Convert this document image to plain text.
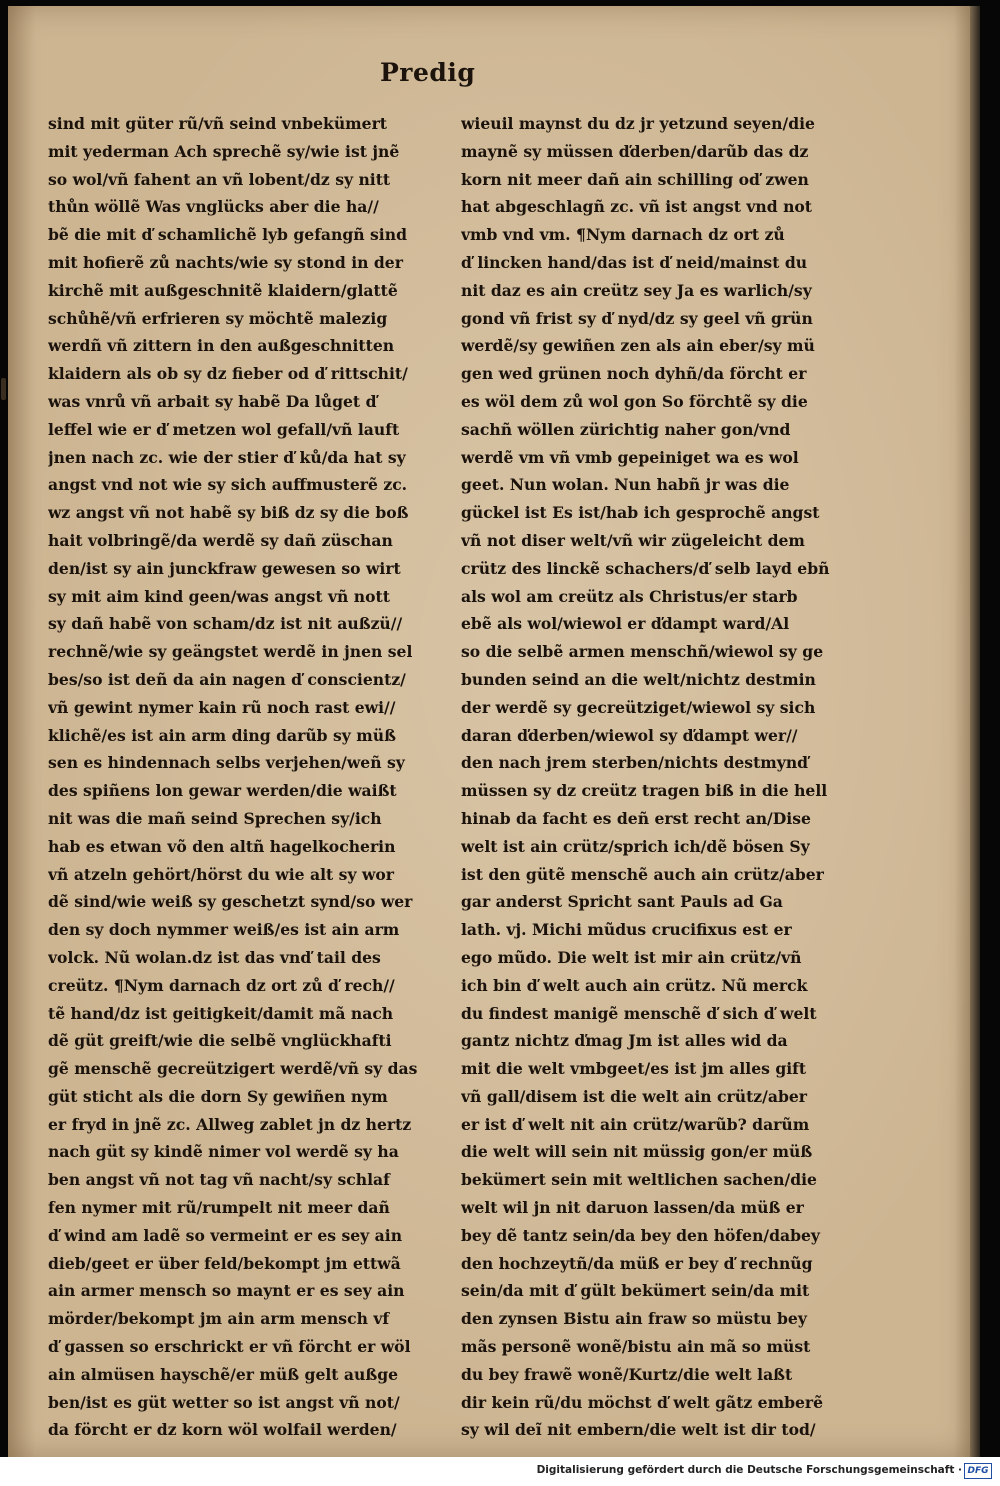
Predig
sind mit güter rũ/vñ seind vnbekümert
mit yederman Ach sprechẽ sy/wie ist jnẽ
so wol/vñ fahent an vñ lobent/dz sy nitt
thůn wöllẽ Was vnglücks aber die ha//
bẽ die mit ď schamlichẽ lyb gefangñ sind
mit hofierẽ zů nachts/wie sy stond in der
kirchẽ mit außgeschnitẽ klaidern/glattẽ
schůhẽ/vñ erfrieren sy möchtẽ malezig
werdñ vñ zittern in den außgeschnitten
klaidern als ob sy dz fieber od ď rittschit/
was vnrů vñ arbait sy habẽ Da lůget ď
leffel wie er ď metzen wol gefall/vñ lauft
jnen nach zc. wie der stier ď ků/da hat sy
angst vnd not wie sy sich auffmusterẽ zc.
wz angst vñ not habẽ sy biß dz sy die boß
hait volbringẽ/da werdẽ sy dañ züschan
den/ist sy ain junckfraw gewesen so wirt
sy mit aim kind geen/was angst vñ nott
sy dañ habẽ von scham/dz ist nit außzü//
rechnẽ/wie sy geängstet werdẽ in jnen sel
bes/so ist deñ da ain nagen ď conscientz/
vñ gewint nymer kain rũ noch rast ewi//
klichẽ/es ist ain arm ding darũb sy müß
sen es hindennach selbs verjehen/weñ sy
des spiñens lon gewar werden/die waißt
nit was die mañ seind Sprechen sy/ich
hab es etwan võ den altñ hagelkocherin
vñ atzeln gehört/hörst du wie alt sy wor
dẽ sind/wie weiß sy geschetzt synd/so wer
den sy doch nymmer weiß/es ist ain arm
volck. Nũ wolan.dz ist das vnď tail des
creütz. ¶Nym darnach dz ort zů ď rech//
tẽ hand/dz ist geitigkeit/damit mã nach
dẽ güt greift/wie die selbẽ vnglückhafti
gẽ menschẽ gecreützigert werdẽ/vñ sy das
güt sticht als die dorn Sy gewiñen nym
er fryd in jnẽ zc. Allweg zablet jn dz hertz
nach güt sy kindẽ nimer vol werdẽ sy ha
ben angst vñ not tag vñ nacht/sy schlaf
fen nymer mit rũ/rumpelt nit meer dañ
ď wind am ladẽ so vermeint er es sey ain
dieb/geet er über feld/bekompt jm ettwã
ain armer mensch so maynt er es sey ain
mörder/bekompt jm ain arm mensch vf
ď gassen so erschrickt er vñ förcht er wöl
ain almüsen hayschẽ/er müß gelt außge
ben/ist es güt wetter so ist angst vñ not/
da förcht er dz korn wöl wolfail werden/
wieuil maynst du dz jr yetzund seyen/die
maynẽ sy müssen ďderben/darũb das dz
korn nit meer dañ ain schilling oď zwen
hat abgeschlagñ zc. vñ ist angst vnd not
vmb vnd vm. ¶Nym darnach dz ort zů
ď lincken hand/das ist ď neid/mainst du
nit daz es ain creütz sey Ja es warlich/sy
gond vñ frist sy ď nyd/dz sy geel vñ grün
werdẽ/sy gewiñen zen als ain eber/sy mü
gen wed grünen noch dyhñ/da förcht er
es wöl dem zů wol gon So förchtẽ sy die
sachñ wöllen zürichtig naher gon/vnd
werdẽ vm vñ vmb gepeiniget wa es wol
geet. Nun wolan. Nun habñ jr was die
gückel ist Es ist/hab ich gesprochẽ angst
vñ not diser welt/vñ wir zügeleicht dem
crütz des linckẽ schachers/ď selb layd ebñ
als wol am creütz als Christus/er starb
ebẽ als wol/wiewol er ďdampt ward/Al
so die selbẽ armen menschñ/wiewol sy ge
bunden seind an die welt/nichtz destmin
der werdẽ sy gecreütziget/wiewol sy sich
daran ďderben/wiewol sy ďdampt wer//
den nach jrem sterben/nichts destmynď
müssen sy dz creütz tragen biß in die hell
hinab da facht es deñ erst recht an/Dise
welt ist ain crütz/sprich ich/dẽ bösen Sy
ist den gütẽ menschẽ auch ain crütz/aber
gar anderst Spricht sant Pauls ad Ga
lath. vj. Michi mũdus crucifixus est er
ego mũdo. Die welt ist mir ain crütz/vñ
ich bin ď welt auch ain crütz. Nũ merck
du findest manigẽ menschẽ ď sich ď welt
gantz nichtz ďmag Jm ist alles wid da
mit die welt vmbgeet/es ist jm alles gift
vñ gall/disem ist die welt ain crütz/aber
er ist ď welt nit ain crütz/warũb? darũm
die welt will sein nit müssig gon/er müß
bekümert sein mit weltlichen sachen/die
welt wil jn nit daruon lassen/da müß er
bey dẽ tantz sein/da bey den höfen/dabey
den hochzeytñ/da müß er bey ď rechnũg
sein/da mit ď gült bekümert sein/da mit
den zynsen Bistu ain fraw so müstu bey
mãs personẽ wonẽ/bistu ain mã so müst
du bey frawẽ wonẽ/Kurtz/die welt laßt
dir kein rũ/du möchst ď welt gãtz emberẽ
sy wil deĩ nit embern/die welt ist dir tod/
Digitalisierung gefördert durch die Deutsche Forschungsgemeinschaft · DFG
